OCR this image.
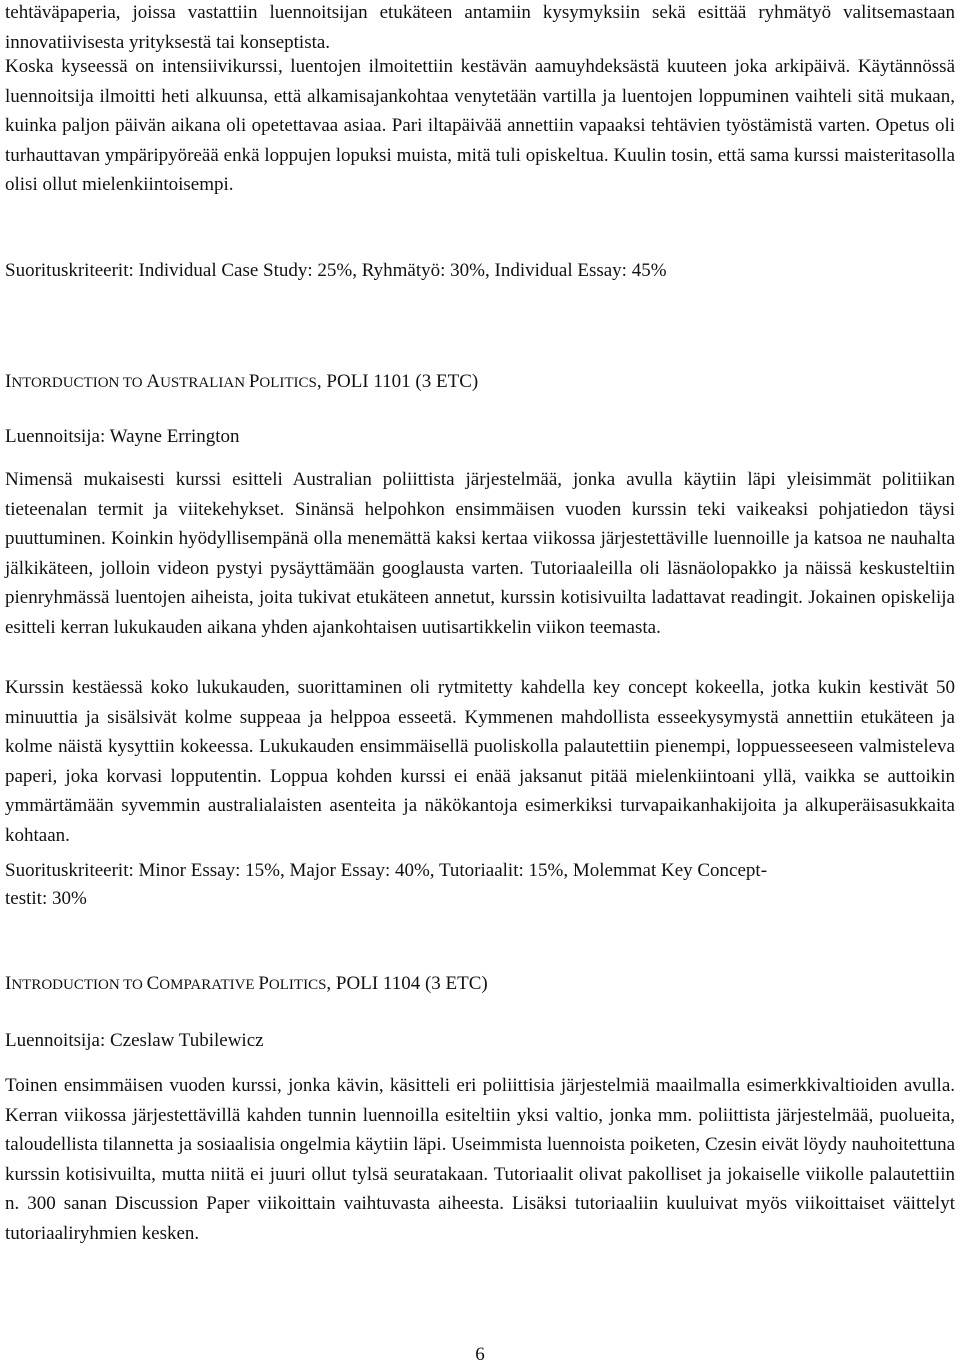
tehtäväpaperia, joissa vastattiin luennoitsijan etukäteen antamiin kysymyksiin sekä esittää ryhmätyö valitsemastaan innovatiivisesta yrityksestä tai konseptista.

Koska kyseessä on intensiivikurssi, luentojen ilmoitettiin kestävän aamuyhdeksästä kuuteen joka arkipäivä. Käytännössä luennoitsija ilmoitti heti alkuunsa, että alkamisajankohtaa venytetään vartilla ja luentojen loppuminen vaihteli sitä mukaan, kuinka paljon päivän aikana oli opetettavaa asiaa. Pari iltapäivää annettiin vapaaksi tehtävien työstämistä varten. Opetus oli turhauttavan ympäripyöreää enkä loppujen lopuksi muista, mitä tuli opiskeltua. Kuulin tosin, että sama kurssi maisteritasolla olisi ollut mielenkiintoisempi.

Suorituskriteerit: Individual Case Study: 25%, Ryhmätyö: 30%, Individual Essay: 45%

INTORDUCTION TO AUSTRALIAN POLITICS, POLI 1101 (3 ETC)

Luennoitsija: Wayne Errington

Nimensä mukaisesti kurssi esitteli Australian poliittista järjestelmää, jonka avulla käytiin läpi yleisimmät politiikan tieteenalan termit ja viitekehykset. Sinänsä helpohkon ensimmäisen vuoden kurssin teki vaikeaksi pohjatiedon täysi puuttuminen. Koinkin hyödyllisempänä olla menemättä kaksi kertaa viikossa järjestettäville luennoille ja katsoa ne nauhalta jälkikäteen, jolloin videon pystyi pysäyttämään googlausta varten. Tutoriaaleilla oli läsnäolopakko ja näissä keskusteltiin pienryhmässä luentojen aiheista, joita tukivat etukäteen annetut, kurssin kotisivuilta ladattavat readingit. Jokainen opiskelija esitteli kerran lukukauden aikana yhden ajankohtaisen uutisartikkelin viikon teemasta.

Kurssin kestäessä koko lukukauden, suorittaminen oli rytmitetty kahdella key concept kokeella, jotka kukin kestivät 50 minuuttia ja sisälsivät kolme suppeaa ja helppoa esseetä. Kymmenen mahdollista esseekysymystä annettiin etukäteen ja kolme näistä kysyttiin kokeessa. Lukukauden ensimmäisellä puoliskolla palautettiin pienempi, loppuesseeseen valmisteleva paperi, joka korvasi lopputentin. Loppua kohden kurssi ei enää jaksanut pitää mielenkiintoani yllä, vaikka se auttoikin ymmärtämään syvemmin australialaisten asenteita ja näkökantoja esimerkiksi turvapaikanhakijoita ja alkuperäisasukkaita kohtaan.

Suorituskriteerit: Minor Essay: 15%, Major Essay: 40%, Tutoriaalit: 15%, Molemmat Key Concept-

testit: 30%

INTRODUCTION TO COMPARATIVE POLITICS, POLI 1104 (3 ETC)

Luennoitsija: Czeslaw Tubilewicz

Toinen ensimmäisen vuoden kurssi, jonka kävin, käsitteli eri poliittisia järjestelmiä maailmalla esimerkkivaltioiden avulla. Kerran viikossa järjestettävillä kahden tunnin luennoilla esiteltiin yksi valtio, jonka mm. poliittista järjestelmää, puolueita, taloudellista tilannetta ja sosiaalisia ongelmia käytiin läpi. Useimmista luennoista poiketen, Czesin eivät löydy nauhoitettuna kurssin kotisivuilta, mutta niitä ei juuri ollut tylsä seuratakaan. Tutoriaalit olivat pakolliset ja jokaiselle viikolle palautettiin n. 300 sanan Discussion Paper viikoittain vaihtuvasta aiheesta. Lisäksi tutoriaaliin kuuluivat myös viikoittaiset väittelyt tutoriaaliryhmien kesken.

6
